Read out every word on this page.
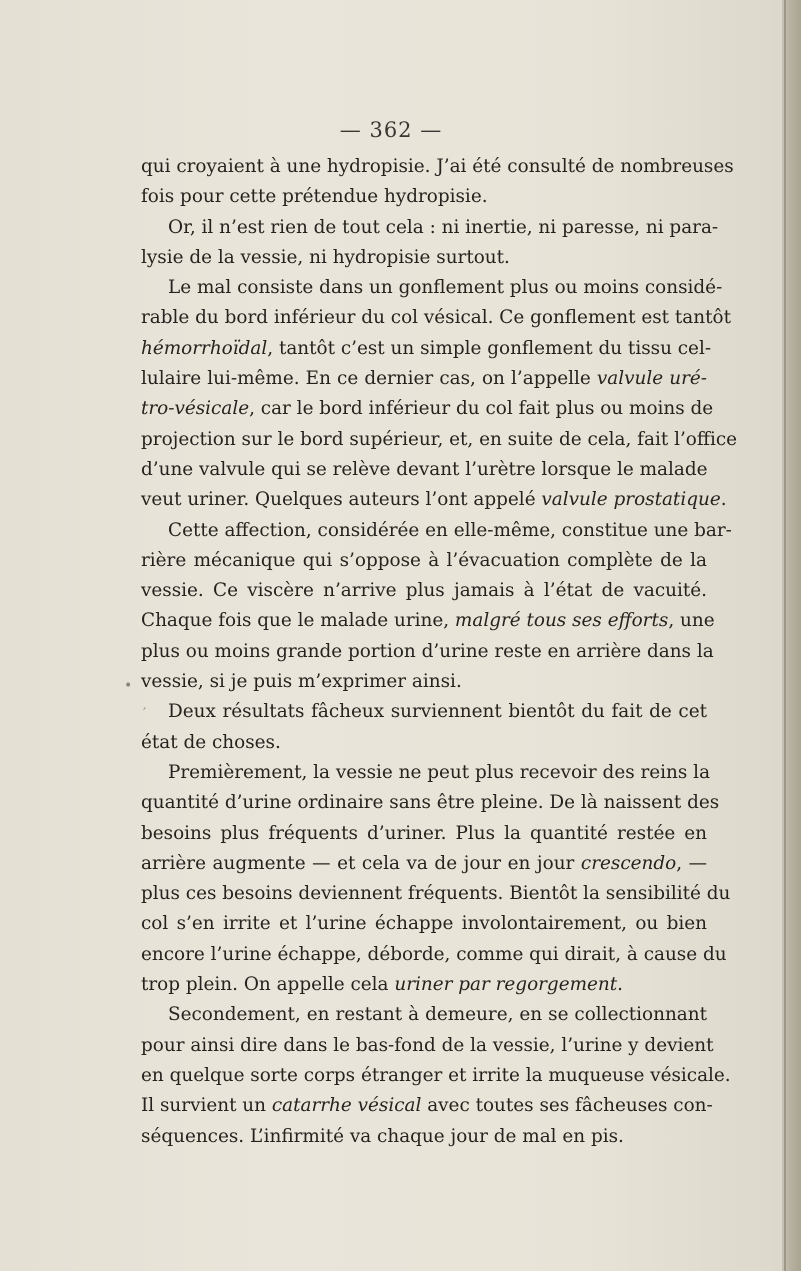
— 362 —
qui croyaient à une hydropisie. J’ai été consulté de nombreuses
fois pour cette prétendue hydropisie.
Or, il n’est rien de tout cela : ni inertie, ni paresse, ni para-
lysie de la vessie, ni hydropisie surtout.
Le mal consiste dans un gonflement plus ou moins considé-
rable du bord inférieur du col vésical. Ce gonflement est tantôt
hémorrhoïdal, tantôt c’est un simple gonflement du tissu cel-
lulaire lui-même. En ce dernier cas, on l’appelle valvule uré-
tro-vésicale, car le bord inférieur du col fait plus ou moins de
projection sur le bord supérieur, et, en suite de cela, fait l’office
d’une valvule qui se relève devant l’urètre lorsque le malade
veut uriner. Quelques auteurs l’ont appelé valvule prostatique.
Cette affection, considérée en elle-même, constitue une bar-
rière mécanique qui s’oppose à l’évacuation complète de la
vessie. Ce viscère n’arrive plus jamais à l’état de vacuité.
Chaque fois que le malade urine, malgré tous ses efforts, une
plus ou moins grande portion d’urine reste en arrière dans la
vessie, si je puis m’exprimer ainsi.
Deux résultats fâcheux surviennent bientôt du fait de cet
état de choses.
Premièrement, la vessie ne peut plus recevoir des reins la
quantité d’urine ordinaire sans être pleine. De là naissent des
besoins plus fréquents d’uriner. Plus la quantité restée en
arrière augmente — et cela va de jour en jour crescendo, —
plus ces besoins deviennent fréquents. Bientôt la sensibilité du
col s’en irrite et l’urine échappe involontairement, ou bien
encore l’urine échappe, déborde, comme qui dirait, à cause du
trop plein. On appelle cela uriner par regorgement.
Secondement, en restant à demeure, en se collectionnant
pour ainsi dire dans le bas-fond de la vessie, l’urine y devient
en quelque sorte corps étranger et irrite la muqueuse vésicale.
Il survient un catarrhe vésical avec toutes ses fâcheuses con-
séquences. L’infirmité va chaque jour de mal en pis.
•
′
